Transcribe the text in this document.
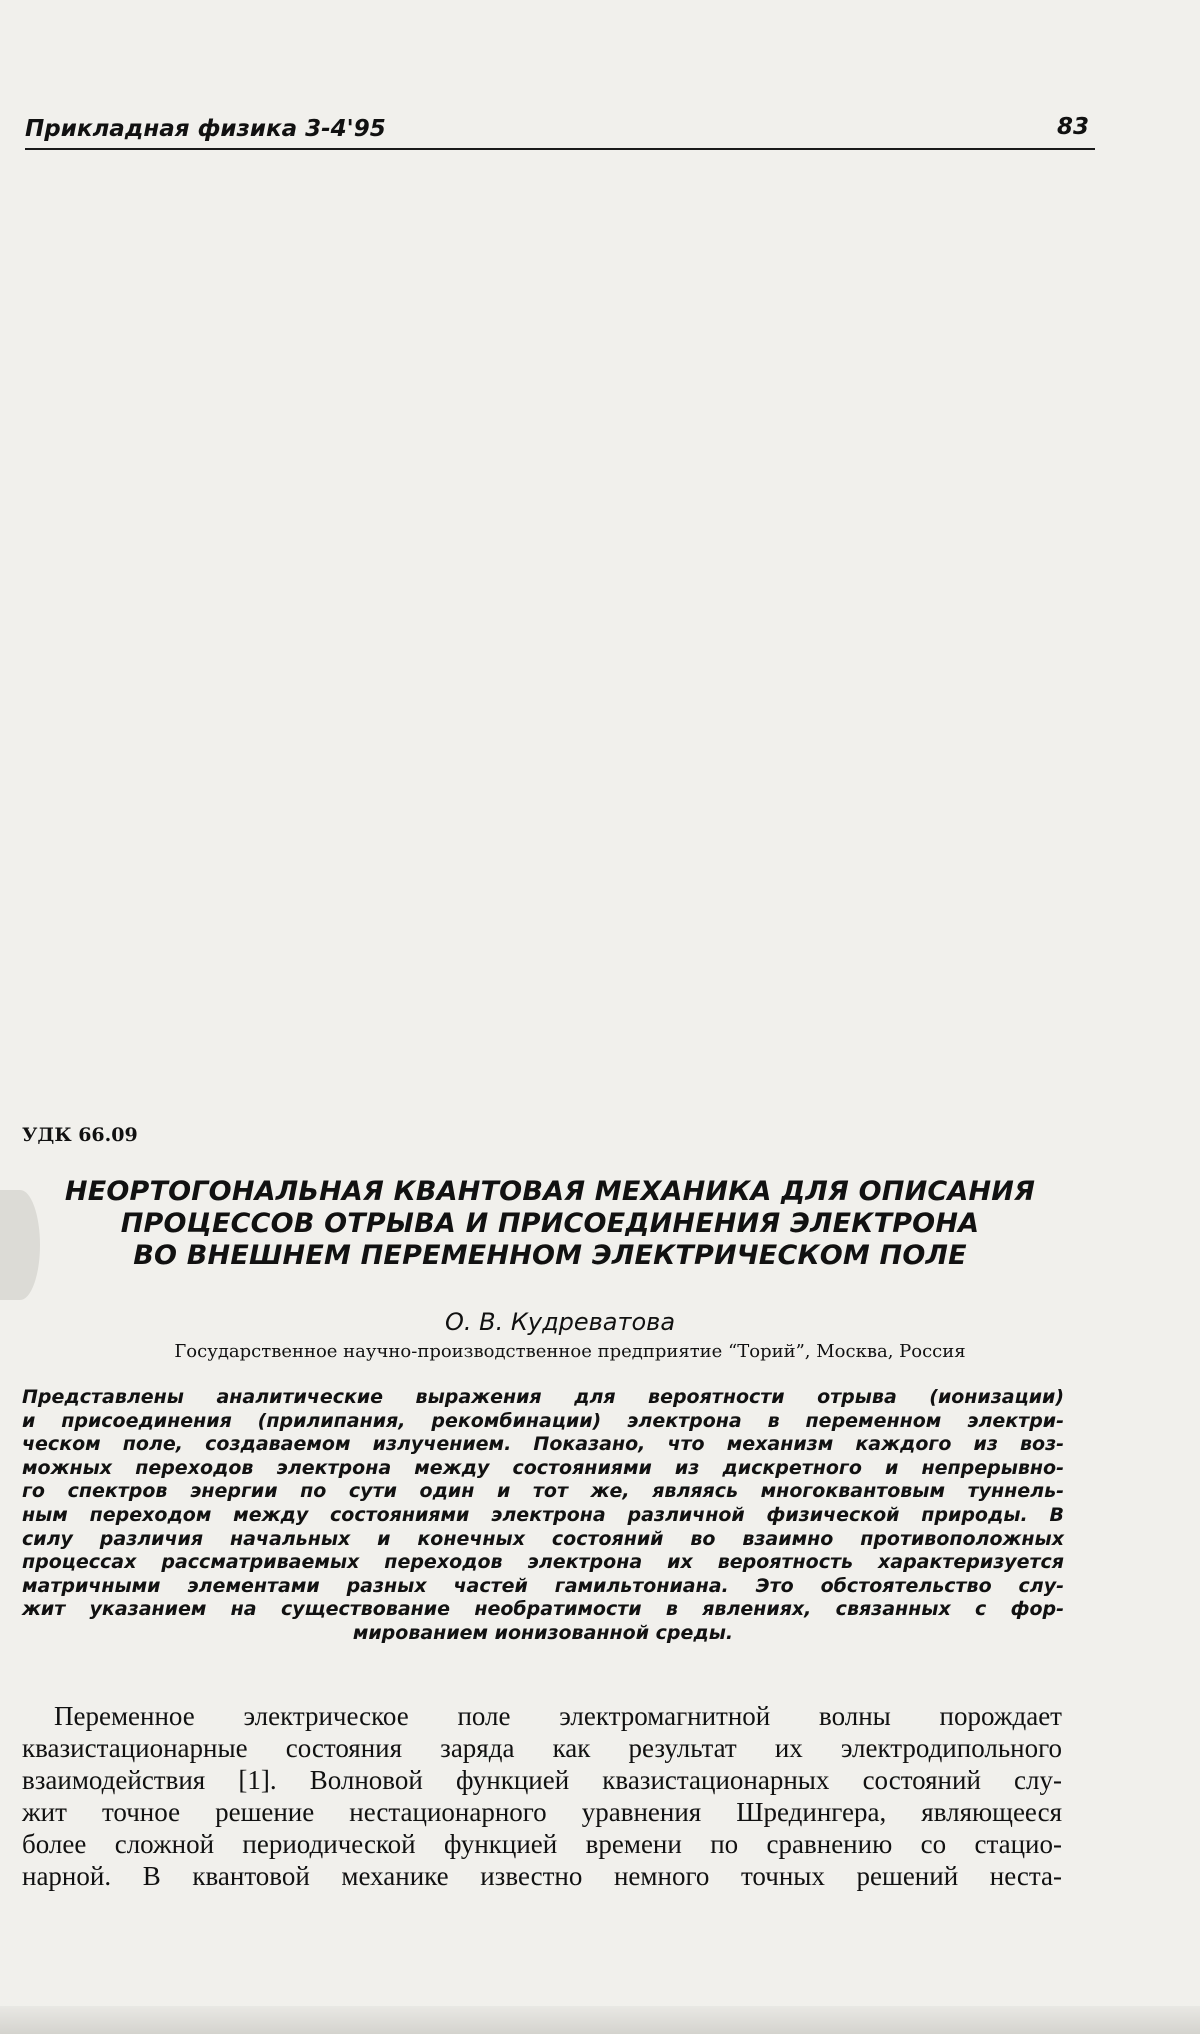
Прикладная физика 3-4'95	83
УДК 66.09
НЕОРТОГОНАЛЬНАЯ КВАНТОВАЯ МЕХАНИКА ДЛЯ ОПИСАНИЯ
ПРОЦЕССОВ ОТРЫВА И ПРИСОЕДИНЕНИЯ ЭЛЕКТРОНА
ВО ВНЕШНЕМ ПЕРЕМЕННОМ ЭЛЕКТРИЧЕСКОМ ПОЛЕ
О. В. Кудреватова
Государственное научно-производственное предприятие “Торий”, Москва, Россия
Представлены аналитические выражения для вероятности отрыва (ионизации)
и присоединения (прилипания, рекомбинации) электрона в переменном электри-
ческом поле, создаваемом излучением. Показано, что механизм каждого из воз-
можных переходов электрона между состояниями из дискретного и непрерывно-
го спектров энергии по сути один и тот же, являясь многоквантовым туннель-
ным переходом между состояниями электрона различной физической природы. В
силу различия начальных и конечных состояний во взаимно противоположных
процессах рассматриваемых переходов электрона их вероятность характеризуется
матричными элементами разных частей гамильтониана. Это обстоятельство слу-
жит указанием на существование необратимости в явлениях, связанных с фор-
мированием ионизованной среды.
Переменное электрическое поле электромагнитной волны порождает
квазистационарные состояния заряда как результат их электродипольного
взаимодействия [1]. Волновой функцией квазистационарных состояний слу-
жит точное решение нестационарного уравнения Шредингера, являющееся
более сложной периодической функцией времени по сравнению со стацио-
нарной. В квантовой механике известно немного точных решений неста-
